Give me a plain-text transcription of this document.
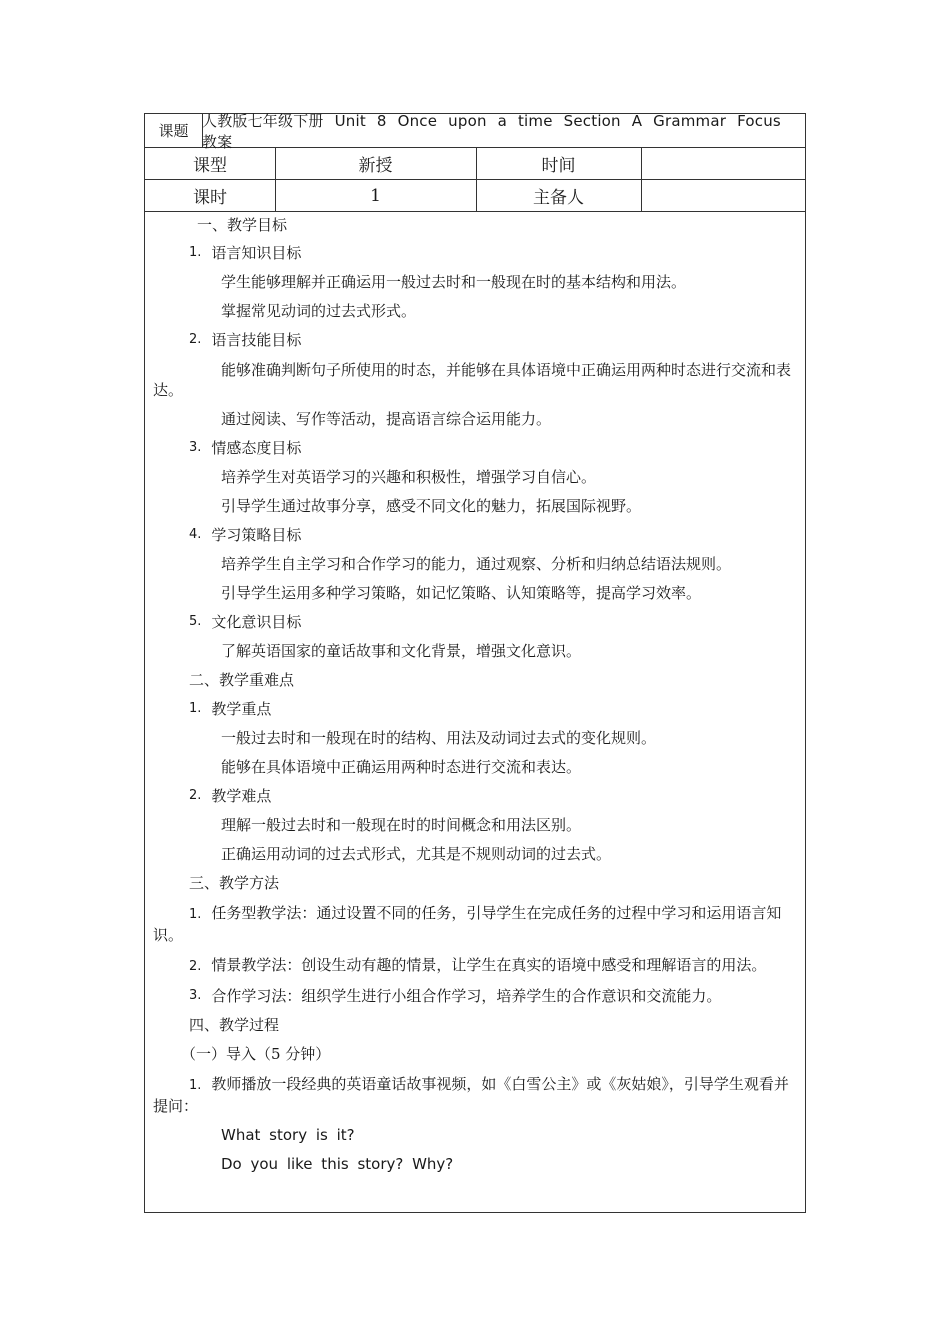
课题
人教版七年级下册 Unit 8 Once upon a time Section A Grammar Focus 教案
课型	新授	时间
课时	1	主备人

一、教学目标

1. 语言知识目标

学生能够理解并正确运用一般过去时和一般现在时的基本结构和用法。

掌握常见动词的过去式形式。

2. 语言技能目标

能够准确判断句子所使用的时态，并能够在具体语境中正确运用两种时态进行交流和表达。

通过阅读、写作等活动，提高语言综合运用能力。

3. 情感态度目标

培养学生对英语学习的兴趣和积极性，增强学习自信心。

引导学生通过故事分享，感受不同文化的魅力，拓展国际视野。

4. 学习策略目标

培养学生自主学习和合作学习的能力，通过观察、分析和归纳总结语法规则。

引导学生运用多种学习策略，如记忆策略、认知策略等，提高学习效率。

5. 文化意识目标

了解英语国家的童话故事和文化背景，增强文化意识。

二、教学重难点

1. 教学重点

一般过去时和一般现在时的结构、用法及动词过去式的变化规则。

能够在具体语境中正确运用两种时态进行交流和表达。

2. 教学难点

理解一般过去时和一般现在时的时间概念和用法区别。

正确运用动词的过去式形式，尤其是不规则动词的过去式。

三、教学方法

1. 任务型教学法：通过设置不同的任务，引导学生在完成任务的过程中学习和运用语言知识。

2. 情景教学法：创设生动有趣的情景，让学生在真实的语境中感受和理解语言的用法。

3. 合作学习法：组织学生进行小组合作学习，培养学生的合作意识和交流能力。

四、教学过程

（一）导入（5 分钟）

1. 教师播放一段经典的英语童话故事视频，如《白雪公主》或《灰姑娘》，引导学生观看并提问：

What story is it?

Do you like this story? Why?
